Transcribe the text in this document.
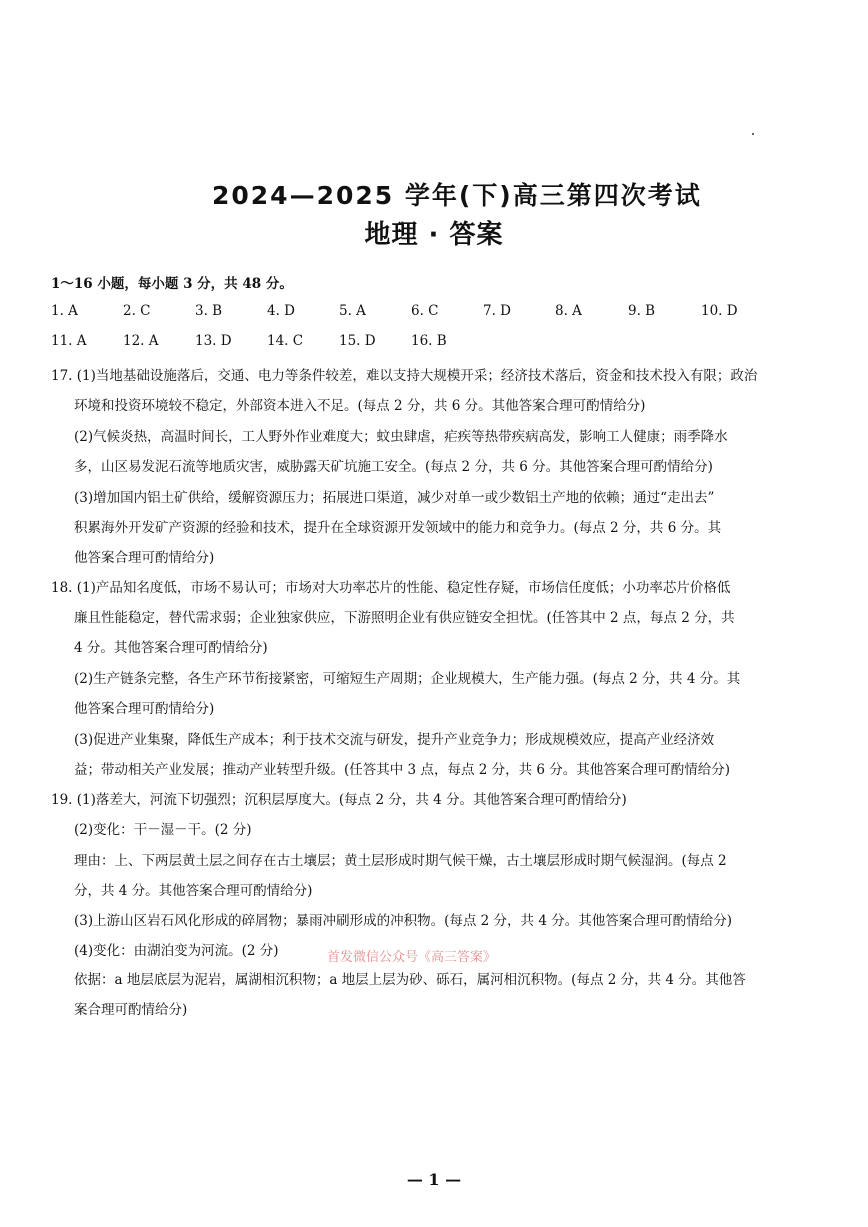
2024—2025 学年(下)高三第四次考试
地理 · 答案
1～16 小题，每小题 3 分，共 48 分。
1. A	2. C	3. B	4. D	5. A	6. C	7. D	8. A	9. B	10. D
11. A	12. A	13. D	14. C	15. D	16. B
17. (1)当地基础设施落后，交通、电力等条件较差，难以支持大规模开采；经济技术落后，资金和技术投入有限；政治
环境和投资环境较不稳定，外部资本进入不足。(每点 2 分，共 6 分。其他答案合理可酌情给分)
(2)气候炎热，高温时间长，工人野外作业难度大；蚊虫肆虐，疟疾等热带疾病高发，影响工人健康；雨季降水
多，山区易发泥石流等地质灾害，威胁露天矿坑施工安全。(每点 2 分，共 6 分。其他答案合理可酌情给分)
(3)增加国内铝土矿供给，缓解资源压力；拓展进口渠道，减少对单一或少数铝土产地的依赖；通过“走出去”
积累海外开发矿产资源的经验和技术，提升在全球资源开发领域中的能力和竞争力。(每点 2 分，共 6 分。其
他答案合理可酌情给分)
18. (1)产品知名度低，市场不易认可；市场对大功率芯片的性能、稳定性存疑，市场信任度低；小功率芯片价格低
廉且性能稳定，替代需求弱；企业独家供应，下游照明企业有供应链安全担忧。(任答其中 2 点，每点 2 分，共
4 分。其他答案合理可酌情给分)
(2)生产链条完整，各生产环节衔接紧密，可缩短生产周期；企业规模大，生产能力强。(每点 2 分，共 4 分。其
他答案合理可酌情给分)
(3)促进产业集聚，降低生产成本；利于技术交流与研发，提升产业竞争力；形成规模效应，提高产业经济效
益；带动相关产业发展；推动产业转型升级。(任答其中 3 点，每点 2 分，共 6 分。其他答案合理可酌情给分)
19. (1)落差大，河流下切强烈；沉积层厚度大。(每点 2 分，共 4 分。其他答案合理可酌情给分)
(2)变化：干－湿－干。(2 分)
理由：上、下两层黄土层之间存在古土壤层；黄土层形成时期气候干燥，古土壤层形成时期气候湿润。(每点 2
分，共 4 分。其他答案合理可酌情给分)
(3)上游山区岩石风化形成的碎屑物；暴雨冲刷形成的冲积物。(每点 2 分，共 4 分。其他答案合理可酌情给分)
(4)变化：由湖泊变为河流。(2 分)
依据：a 地层底层为泥岩，属湖相沉积物；a 地层上层为砂、砾石，属河相沉积物。(每点 2 分，共 4 分。其他答
案合理可酌情给分)
首发微信公众号《高三答案》
— 1 —
